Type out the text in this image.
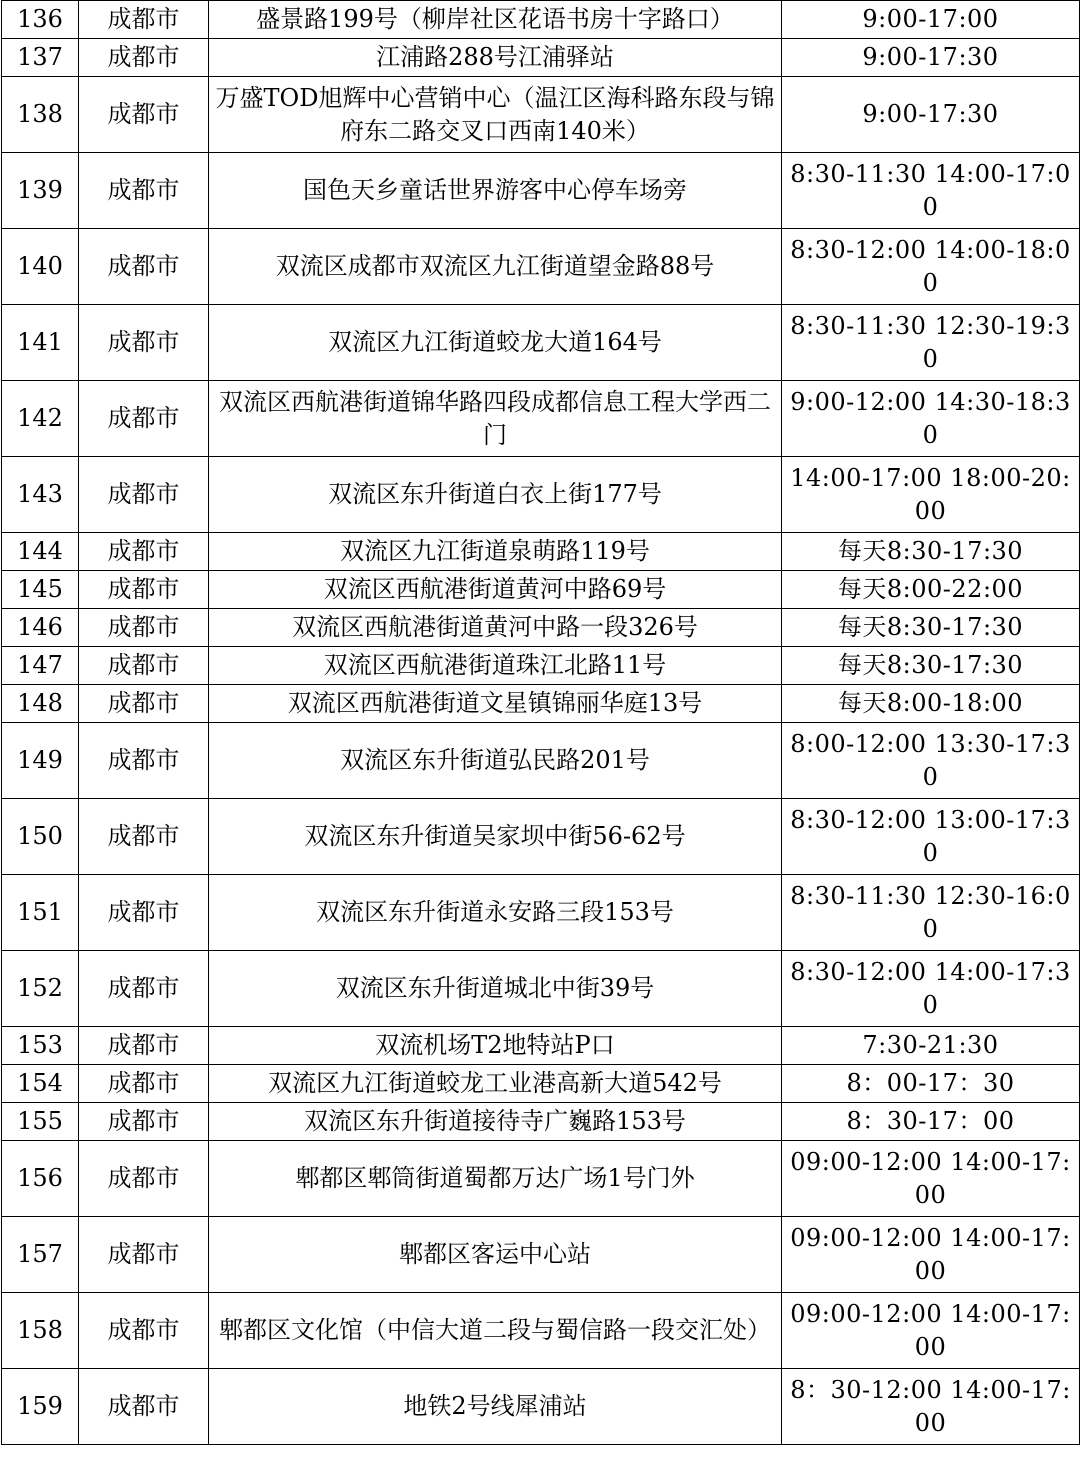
136	成都市	盛景路199号（柳岸社区花语书房十字路口）	9:00-17:00
137	成都市	江浦路288号江浦驿站	9:00-17:30
138	成都市	万盛TOD旭辉中心营销中心（温江区海科路东段与锦府东二路交叉口西南140米）	9:00-17:30
139	成都市	国色天乡童话世界游客中心停车场旁	8:30-11:30 14:00-17:00
140	成都市	双流区成都市双流区九江街道望金路88号	8:30-12:00 14:00-18:00
141	成都市	双流区九江街道蛟龙大道164号	8:30-11:30 12:30-19:30
142	成都市	双流区西航港街道锦华路四段成都信息工程大学西二门	9:00-12:00 14:30-18:30
143	成都市	双流区东升街道白衣上街177号	14:00-17:00 18:00-20:00
144	成都市	双流区九江街道泉萌路119号	每天8:30-17:30
145	成都市	双流区西航港街道黄河中路69号	每天8:00-22:00
146	成都市	双流区西航港街道黄河中路一段326号	每天8:30-17:30
147	成都市	双流区西航港街道珠江北路11号	每天8:30-17:30
148	成都市	双流区西航港街道文星镇锦丽华庭13号	每天8:00-18:00
149	成都市	双流区东升街道弘民路201号	8:00-12:00 13:30-17:30
150	成都市	双流区东升街道吴家坝中街56-62号	8:30-12:00 13:00-17:30
151	成都市	双流区东升街道永安路三段153号	8:30-11:30 12:30-16:00
152	成都市	双流区东升街道城北中街39号	8:30-12:00 14:00-17:30
153	成都市	双流机场T2地特站P口	7:30-21:30
154	成都市	双流区九江街道蛟龙工业港高新大道542号	8：00-17：30
155	成都市	双流区东升街道接待寺广巍路153号	8：30-17：00
156	成都市	郫都区郫筒街道蜀都万达广场1号门外	09:00-12:00 14:00-17:00
157	成都市	郫都区客运中心站	09:00-12:00 14:00-17:00
158	成都市	郫都区文化馆（中信大道二段与蜀信路一段交汇处）	09:00-12:00 14:00-17:00
159	成都市	地铁2号线犀浦站	8：30-12:00 14:00-17:00
